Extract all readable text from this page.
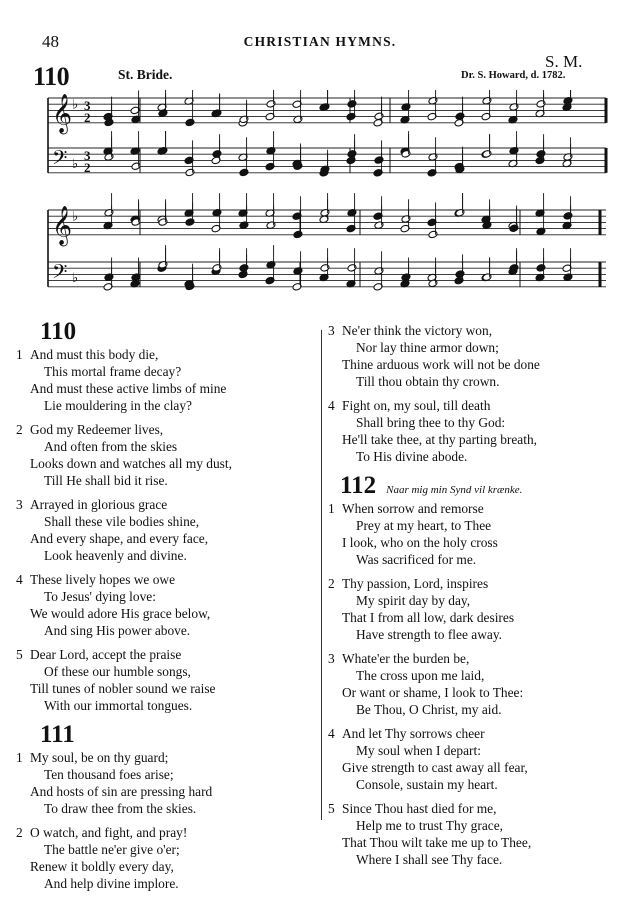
48	CHRISTIAN HYMNS.
110	St. Bride.
S. M.
Dr. S. Howard, d. 1782.
𝄞 ♭ 3
2
𝄢 ♭
3
2
𝄞 ♭
𝄢 ♭
110
1 And must this body die,
This mortal frame decay?
And must these active limbs of mine
Lie mouldering in the clay?
2 God my Redeemer lives,
And often from the skies
Looks down and watches all my dust,
Till He shall bid it rise.
3 Arrayed in glorious grace
Shall these vile bodies shine,
And every shape, and every face,
Look heavenly and divine.
4 These lively hopes we owe
To Jesus' dying love:
We would adore His grace below,
And sing His power above.
5 Dear Lord, accept the praise
Of these our humble songs,
Till tunes of nobler sound we raise
With our immortal tongues.
111
1 My soul, be on thy guard;
Ten thousand foes arise;
And hosts of sin are pressing hard
To draw thee from the skies.
2 O watch, and fight, and pray!
The battle ne'er give o'er;
Renew it boldly every day,
And help divine implore.
3 Ne'er think the victory won,
Nor lay thine armor down;
Thine arduous work will not be done
Till thou obtain thy crown.
4 Fight on, my soul, till death
Shall bring thee to thy God:
He'll take thee, at thy parting breath,
To His divine abode.
112 Naar mig min Synd vil krænke.
1 When sorrow and remorse
Prey at my heart, to Thee
I look, who on the holy cross
Was sacrificed for me.
2 Thy passion, Lord, inspires
My spirit day by day,
That I from all low, dark desires
Have strength to flee away.
3 Whate'er the burden be,
The cross upon me laid,
Or want or shame, I look to Thee:
Be Thou, O Christ, my aid.
4 And let Thy sorrows cheer
My soul when I depart:
Give strength to cast away all fear,
Console, sustain my heart.
5 Since Thou hast died for me,
Help me to trust Thy grace,
That Thou wilt take me up to Thee,
Where I shall see Thy face.
